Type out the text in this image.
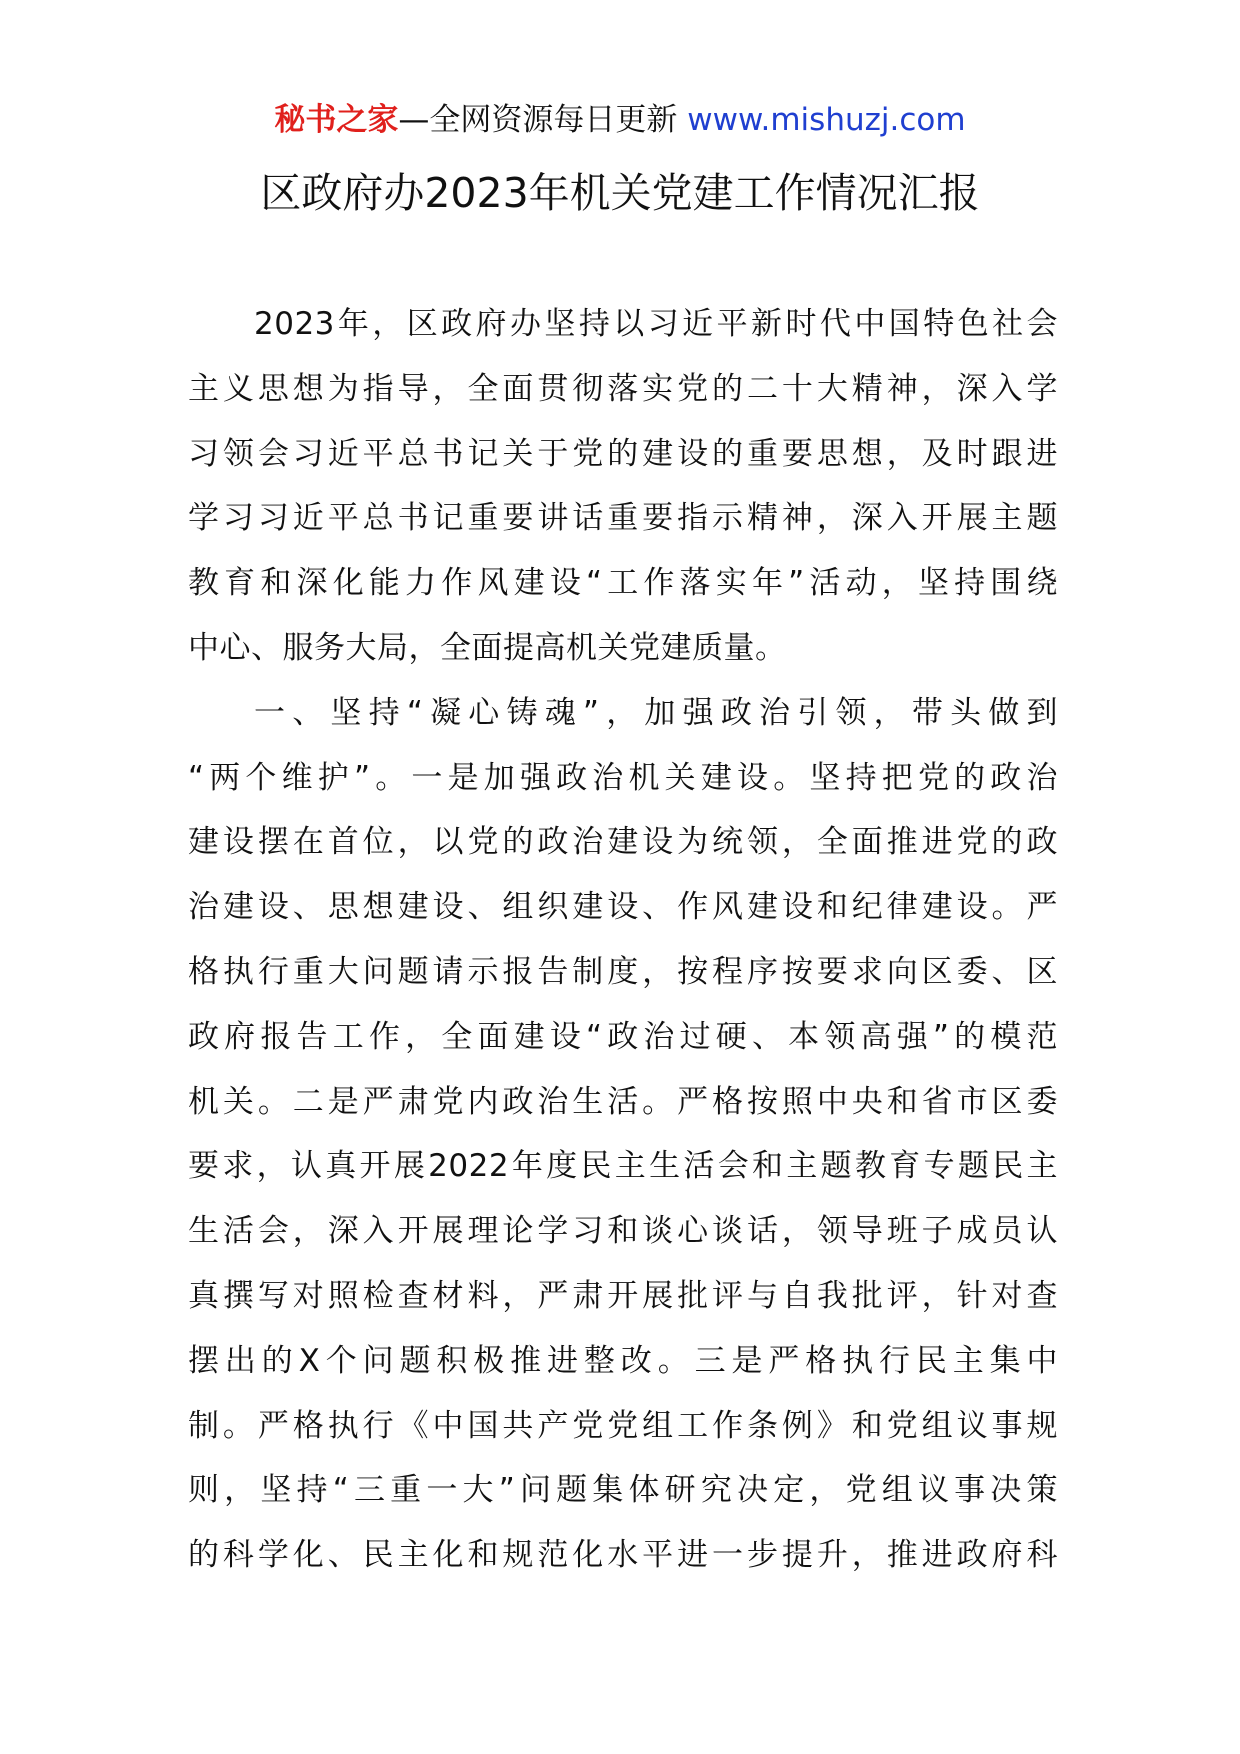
秘书之家—全网资源每日更新 www.mishuzj.com
区政府办2023年机关党建工作情况汇报
2023年，区政府办坚持以习近平新时代中国特色社会
主义思想为指导，全面贯彻落实党的二十大精神，深入学
习领会习近平总书记关于党的建设的重要思想，及时跟进
学习习近平总书记重要讲话重要指示精神，深入开展主题
教育和深化能力作风建设“工作落实年”活动，坚持围绕
中心、服务大局，全面提高机关党建质量。
一、坚持“凝心铸魂”，加强政治引领，带头做到
“两个维护”。一是加强政治机关建设。坚持把党的政治
建设摆在首位，以党的政治建设为统领，全面推进党的政
治建设、思想建设、组织建设、作风建设和纪律建设。严
格执行重大问题请示报告制度，按程序按要求向区委、区
政府报告工作，全面建设“政治过硬、本领高强”的模范
机关。二是严肃党内政治生活。严格按照中央和省市区委
要求，认真开展2022年度民主生活会和主题教育专题民主
生活会，深入开展理论学习和谈心谈话，领导班子成员认
真撰写对照检查材料，严肃开展批评与自我批评，针对查
摆出的X个问题积极推进整改。三是严格执行民主集中
制。严格执行《中国共产党党组工作条例》和党组议事规
则，坚持“三重一大”问题集体研究决定，党组议事决策
的科学化、民主化和规范化水平进一步提升，推进政府科
